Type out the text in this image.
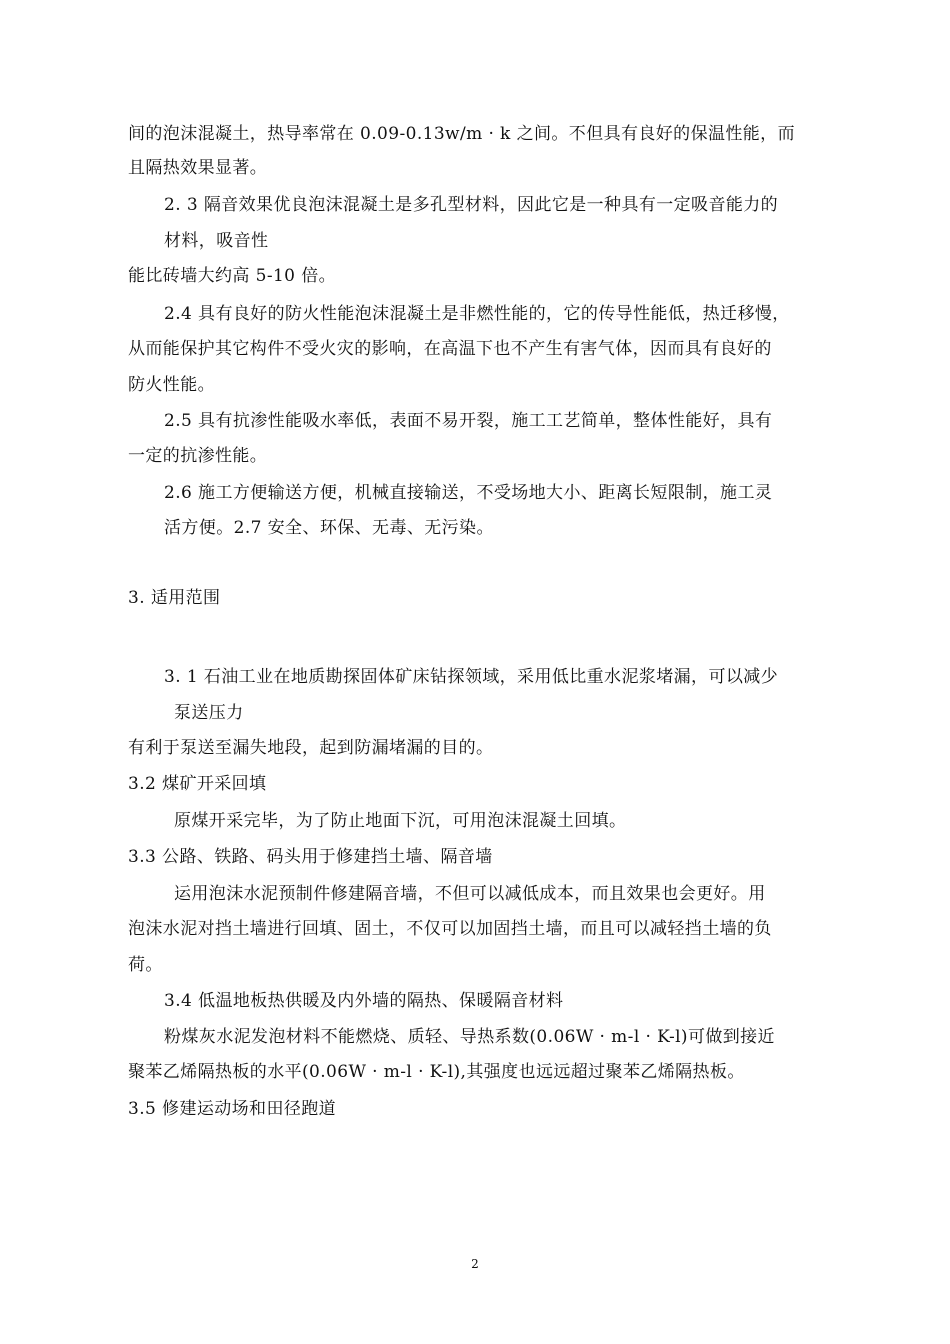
间的泡沫混凝土，热导率常在 0.09-0.13w/m · k 之间。不但具有良好的保温性能，而
且隔热效果显著。
2. 3 隔音效果优良泡沫混凝土是多孔型材料，因此它是一种具有一定吸音能力的
材料，吸音性
能比砖墙大约高 5-10 倍。
2.4 具有良好的防火性能泡沫混凝土是非燃性能的，它的传导性能低，热迁移慢，
从而能保护其它构件不受火灾的影响，在高温下也不产生有害气体，因而具有良好的
防火性能。
2.5 具有抗渗性能吸水率低，表面不易开裂，施工工艺简单，整体性能好，具有
一定的抗渗性能。
2.6 施工方便输送方便，机械直接输送，不受场地大小、距离长短限制，施工灵
活方便。2.7 安全、环保、无毒、无污染。
3. 适用范围
3. 1 石油工业在地质勘探固体矿床钻探领域，采用低比重水泥浆堵漏，可以减少
泵送压力
有利于泵送至漏失地段，起到防漏堵漏的目的。
3.2 煤矿开采回填
原煤开采完毕，为了防止地面下沉，可用泡沫混凝土回填。
3.3 公路、铁路、码头用于修建挡土墙、隔音墙
运用泡沫水泥预制件修建隔音墙，不但可以减低成本，而且效果也会更好。用
泡沫水泥对挡土墙进行回填、固土，不仅可以加固挡土墙，而且可以减轻挡土墙的负
荷。
3.4 低温地板热供暖及内外墙的隔热、保暖隔音材料
粉煤灰水泥发泡材料不能燃烧、质轻、导热系数(0.06W · m-l · K-l)可做到接近
聚苯乙烯隔热板的水平(0.06W · m-l · K-l),其强度也远远超过聚苯乙烯隔热板。
3.5 修建运动场和田径跑道
2
